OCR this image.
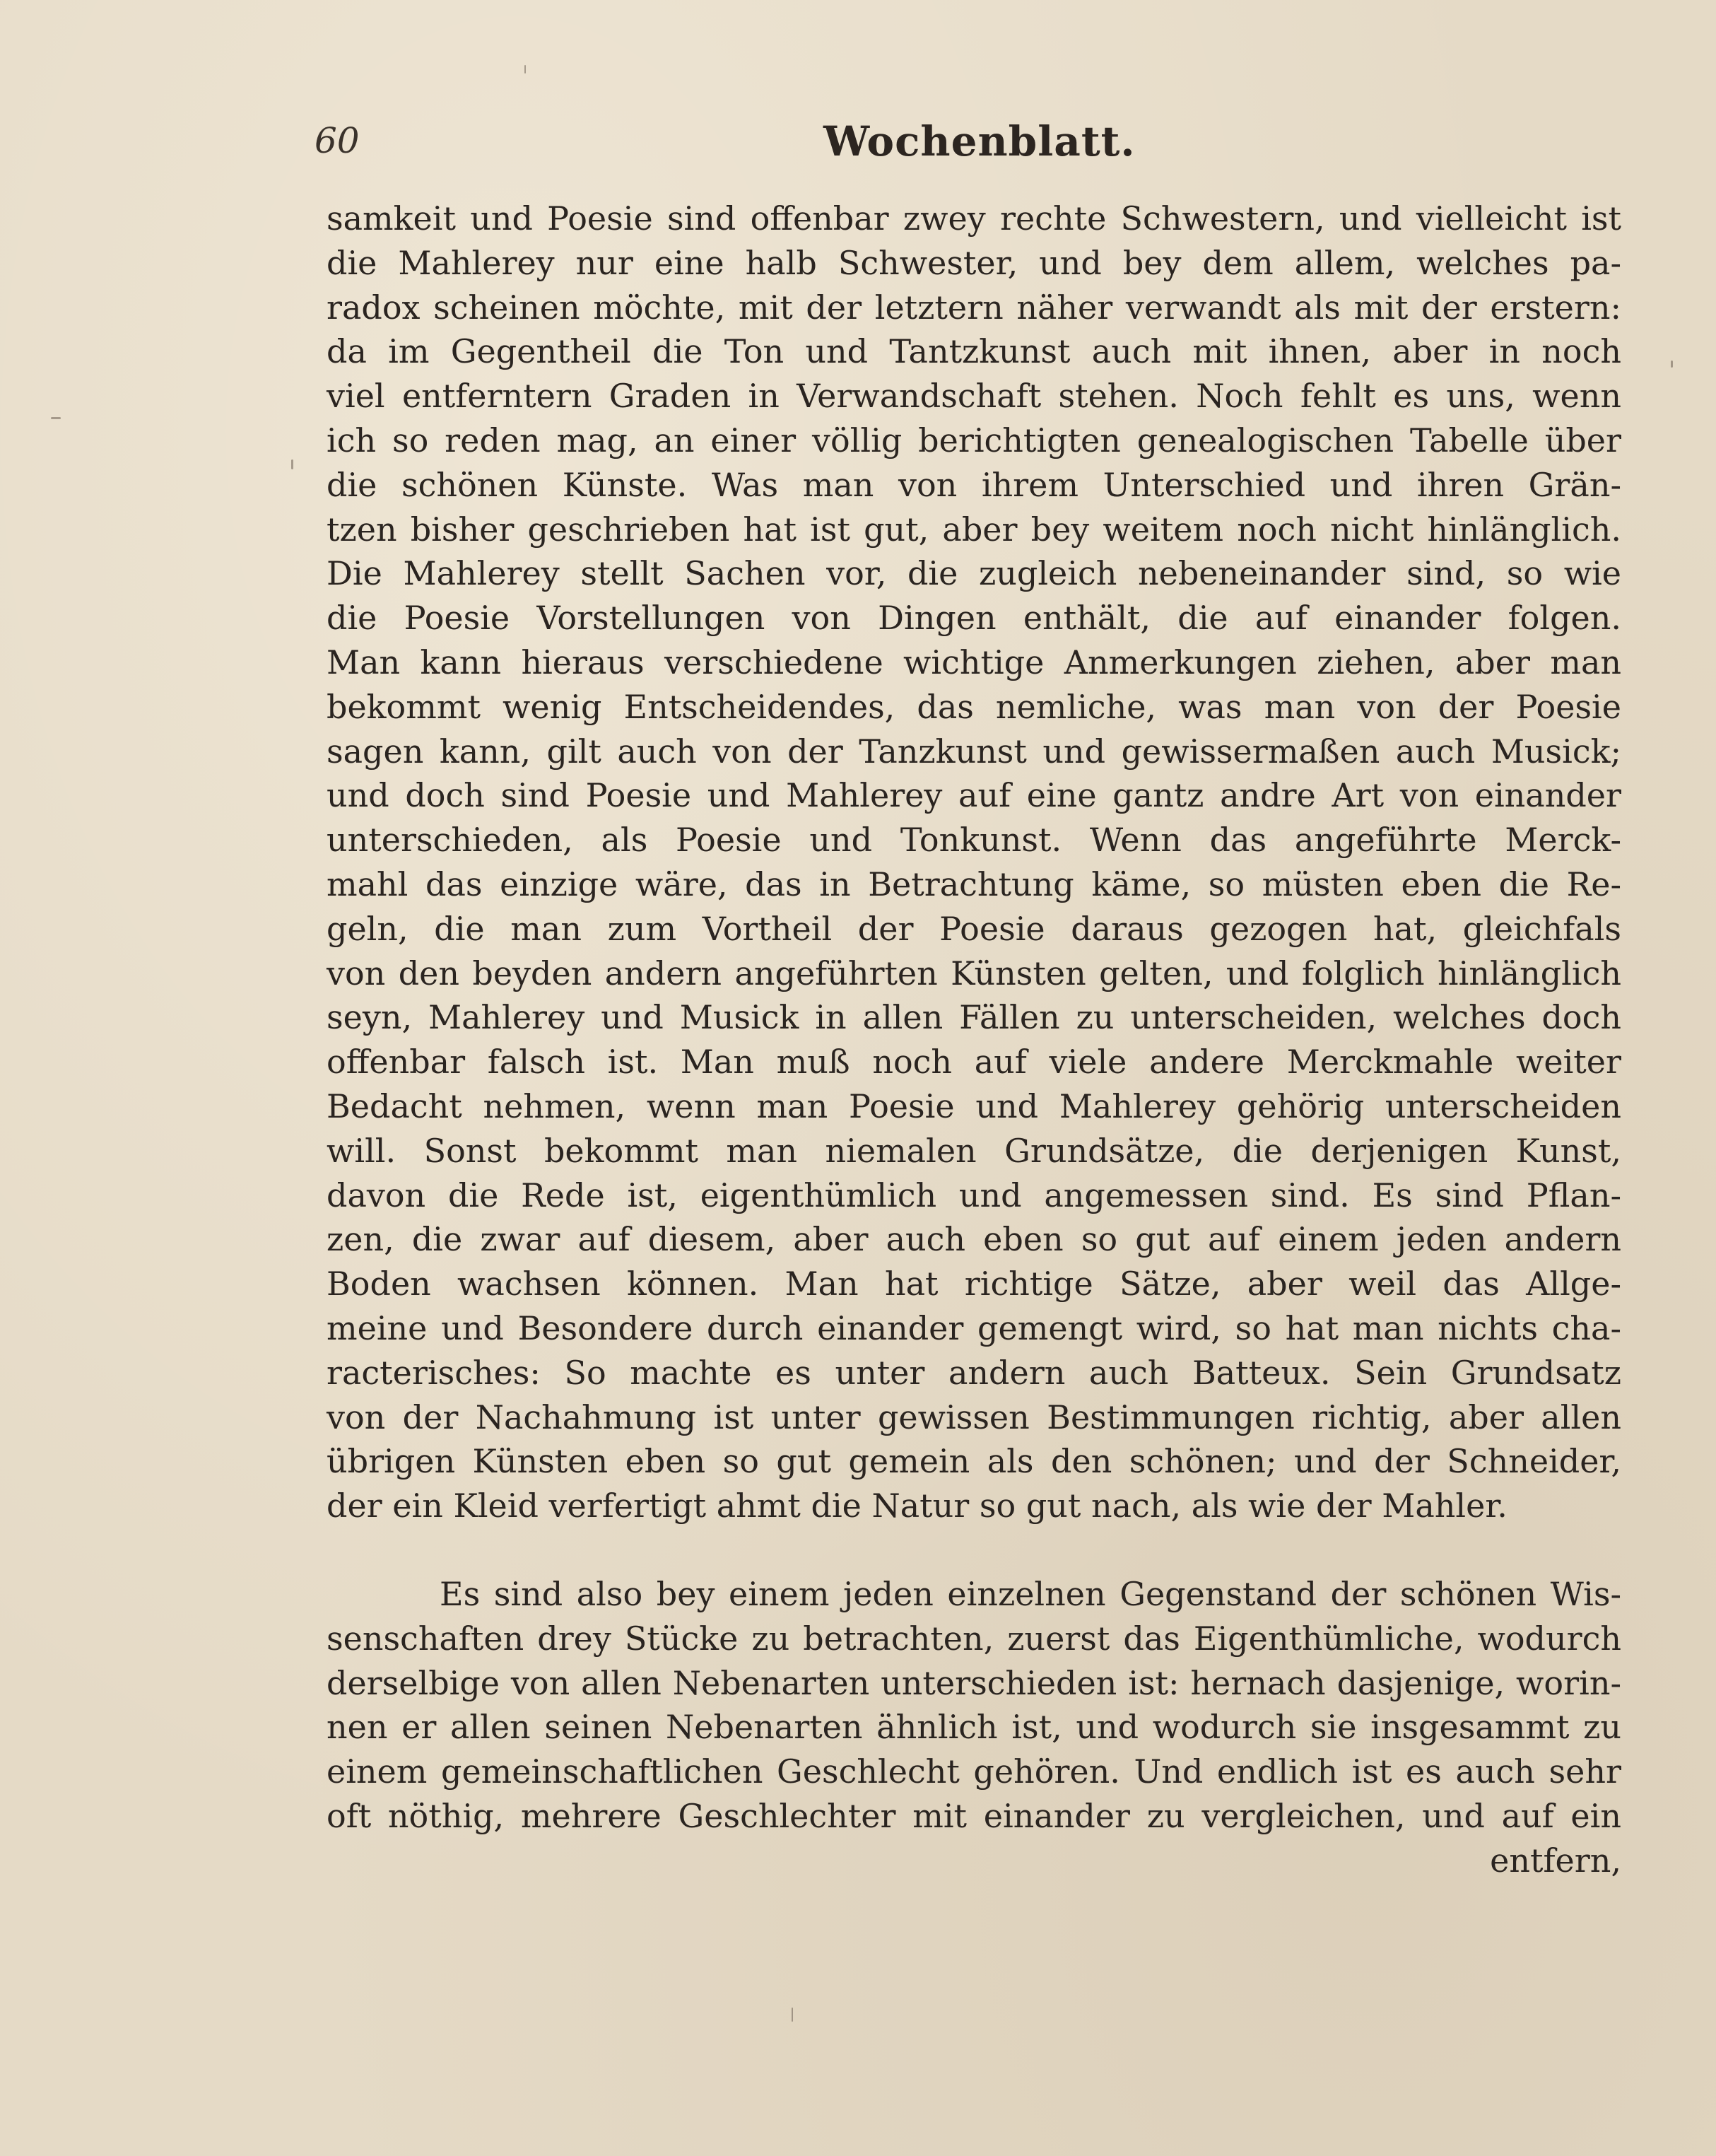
60	Wochenblatt.
samkeit und Poesie sind offenbar zwey rechte Schwestern, und vielleicht ist
die Mahlerey nur eine halb Schwester, und bey dem allem, welches pa-
radox scheinen möchte, mit der letztern näher verwandt als mit der erstern:
da im Gegentheil die Ton und Tantzkunst auch mit ihnen, aber in noch
viel entferntern Graden in Verwandschaft stehen. Noch fehlt es uns, wenn
ich so reden mag, an einer völlig berichtigten genealogischen Tabelle über
die schönen Künste. Was man von ihrem Unterschied und ihren Grän-
tzen bisher geschrieben hat ist gut, aber bey weitem noch nicht hinlänglich.
Die Mahlerey stellt Sachen vor, die zugleich nebeneinander sind, so wie
die Poesie Vorstellungen von Dingen enthält, die auf einander folgen.
Man kann hieraus verschiedene wichtige Anmerkungen ziehen, aber man
bekommt wenig Entscheidendes, das nemliche, was man von der Poesie
sagen kann, gilt auch von der Tanzkunst und gewissermaßen auch Musick;
und doch sind Poesie und Mahlerey auf eine gantz andre Art von einander
unterschieden, als Poesie und Tonkunst. Wenn das angeführte Merck-
mahl das einzige wäre, das in Betrachtung käme, so müsten eben die Re-
geln, die man zum Vortheil der Poesie daraus gezogen hat, gleichfals
von den beyden andern angeführten Künsten gelten, und folglich hinlänglich
seyn, Mahlerey und Musick in allen Fällen zu unterscheiden, welches doch
offenbar falsch ist. Man muß noch auf viele andere Merckmahle weiter
Bedacht nehmen, wenn man Poesie und Mahlerey gehörig unterscheiden
will. Sonst bekommt man niemalen Grundsätze, die derjenigen Kunst,
davon die Rede ist, eigenthümlich und angemessen sind. Es sind Pflan-
zen, die zwar auf diesem, aber auch eben so gut auf einem jeden andern
Boden wachsen können. Man hat richtige Sätze, aber weil das Allge-
meine und Besondere durch einander gemengt wird, so hat man nichts cha-
racterisches: So machte es unter andern auch Batteux. Sein Grundsatz
von der Nachahmung ist unter gewissen Bestimmungen richtig, aber allen
übrigen Künsten eben so gut gemein als den schönen; und der Schneider,
der ein Kleid verfertigt ahmt die Natur so gut nach, als wie der Mahler.
Es sind also bey einem jeden einzelnen Gegenstand der schönen Wis-
senschaften drey Stücke zu betrachten, zuerst das Eigenthümliche, wodurch
derselbige von allen Nebenarten unterschieden ist: hernach dasjenige, worin-
nen er allen seinen Nebenarten ähnlich ist, und wodurch sie insgesammt zu
einem gemeinschaftlichen Geschlecht gehören. Und endlich ist es auch sehr
oft nöthig, mehrere Geschlechter mit einander zu vergleichen, und auf ein
entfern,
